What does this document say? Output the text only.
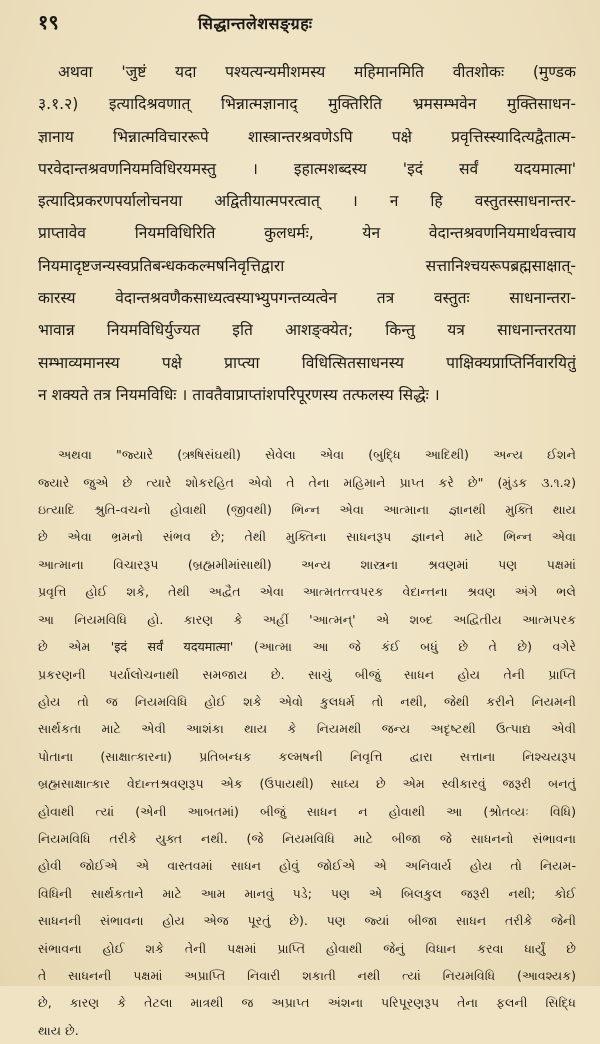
१९	सिद्धान्तलेशसङ्ग्रहः
अथवा 'जुष्टं यदा पश्यत्यन्यमीशमस्य महिमानमिति वीतशोकः (मुण्डक
३.१.२) इत्यादिश्रवणात् भिन्नात्मज्ञानाद् मुक्तिरिति भ्रमसम्भवेन मुक्तिसाधन-
ज्ञानाय भिन्नात्मविचाररूपे शास्त्रान्तरश्रवणेऽपि पक्षे प्रवृत्तिस्स्यादित्यद्वैतात्म-
परवेदान्तश्रवणनियमविधिरयमस्तु । इहात्मशब्दस्य 'इदं सर्वं यदयमात्मा'
इत्यादिप्रकरणपर्यालोचनया अद्वितीयात्मपरत्वात् । न हि वस्तुतस्साधनान्तर-
प्राप्तावेव नियमविधिरिति कुलधर्मः, येन वेदान्तश्रवणनियमार्थवत्त्वाय
नियमादृष्टजन्यस्वप्रतिबन्धककल्मषनिवृत्तिद्वारा सत्तानिश्चयरूपब्रह्मसाक्षात्-
कारस्य वेदान्तश्रवणैकसाध्यत्वस्याभ्युपगन्तव्यत्वेन तत्र वस्तुतः साधनान्तरा-
भावान्न नियमविधिर्युज्यत इति आशङ्क्येत; किन्तु यत्र साधनान्तरतया
सम्भाव्यमानस्य पक्षे प्राप्त्या विधित्सितसाधनस्य पाक्षिक्यप्राप्तिर्निवारयितुं
न शक्यते तत्र नियमविधिः । तावतैवाप्राप्तांशपरिपूरणस्य तत्फलस्य सिद्धेः ।
અથવા "જ્યારે (ઋષિસંઘથી) સેવેલા એવા (બુદ્ધિ આદિથી) અન્ય ઈશને
જ્યારે જુએ છે ત્યારે શોકરહિત એવો તે તેના મહિમાને પ્રાપ્ત કરે છે" (મુંડક ૩.૧.૨)
ઇત્યાદિ શ્રુતિ-વચનો હોવાથી (જીવથી) ભિન્ન એવા આત્માના જ્ઞાનથી મુક્તિ થાય
છે એવા ભ્રમનો સંભવ છે; તેથી મુક્તિના સાધનરૂપ જ્ઞાનને માટે ભિન્ન એવા
આત્માના વિચારરૂપ (બ્રહ્મમીમાંસાથી) અન્ય શાસ્ત્રના શ્રવણમાં પણ પક્ષમાં
પ્રવૃત્તિ હોઈ શકે, તેથી અદ્વૈત એવા આત્મતત્ત્વપરક વેદાન્તના શ્રવણ અંગે ભલે
આ નિયમવિધિ હો. કારણ કે અહીં 'આત્મન્' એ શબ્દ અદ્વિતીય આત્મપરક
છે એમ 'इदं सर्वं यदयमात्मा' (આત્મા આ જે કંઈ બધું છે તે છે) વગેરે
પ્રકરણની પર્યાલોચનાથી સમજાય છે. સાચું બીજું સાધન હોય તેની પ્રાપ્તિ
હોય તો જ નિયમવિધિ હોઈ શકે એવો કુલધર્મ તો નથી, જેથી કરીને નિયમની
સાર્થકતા માટે એવી આશંકા થાય કે નિયમથી જન્ય અદૃષ્ટથી ઉત્પાદ્ય એવી
પોતાના (સાક્ષાત્કારના) પ્રતિબન્ધક કલ્મષની નિવૃત્તિ દ્વારા સત્તાના નિશ્ચયરૂપ
બ્રહ્મસાક્ષાત્કાર વેદાન્તશ્રવણરૂપ એક (ઉપાયથી) સાધ્ય છે એમ સ્વીકારવું જરૂરી બનતું
હોવાથી ત્યાં (એની આબતમાં) બીજું સાધન ન હોવાથી આ (શ્રોતવ્યઃ વિધિ)
નિયમવિધિ તરીકે યુક્ત નથી. (જે નિયમવિધિ માટે બીજા જે સાધનનો સંભાવના
હોવી જોઈએ એ વાસ્તવમાં સાધન હોવું જોઈએ એ અનિવાર્ય હોય તો નિયમ-
વિધિની સાર્થકતાને માટે આમ માનવું પડે; પણ એ બિલકુલ જરૂરી નથી; કોઈ
સાધનની સંભાવના હોય એજ પૂરતું છે). પણ જ્યાં બીજા સાધન તરીકે જેની
સંભાવના હોઈ શકે તેની પક્ષમાં પ્રાપ્તિ હોવાથી જેનું વિધાન કરવા ધાર્યું છે
તે સાધનની પક્ષમાં અપ્રાપ્તિ નિવારી શકાતી નથી ત્યાં નિયમવિધિ (આવશ્યક)
છે, કારણ કે તેટલા માત્રથી જ અપ્રાપ્ત અંશના પરિપૂરણરૂપ તેના ફલની સિદ્ધિ
થાય છે.
